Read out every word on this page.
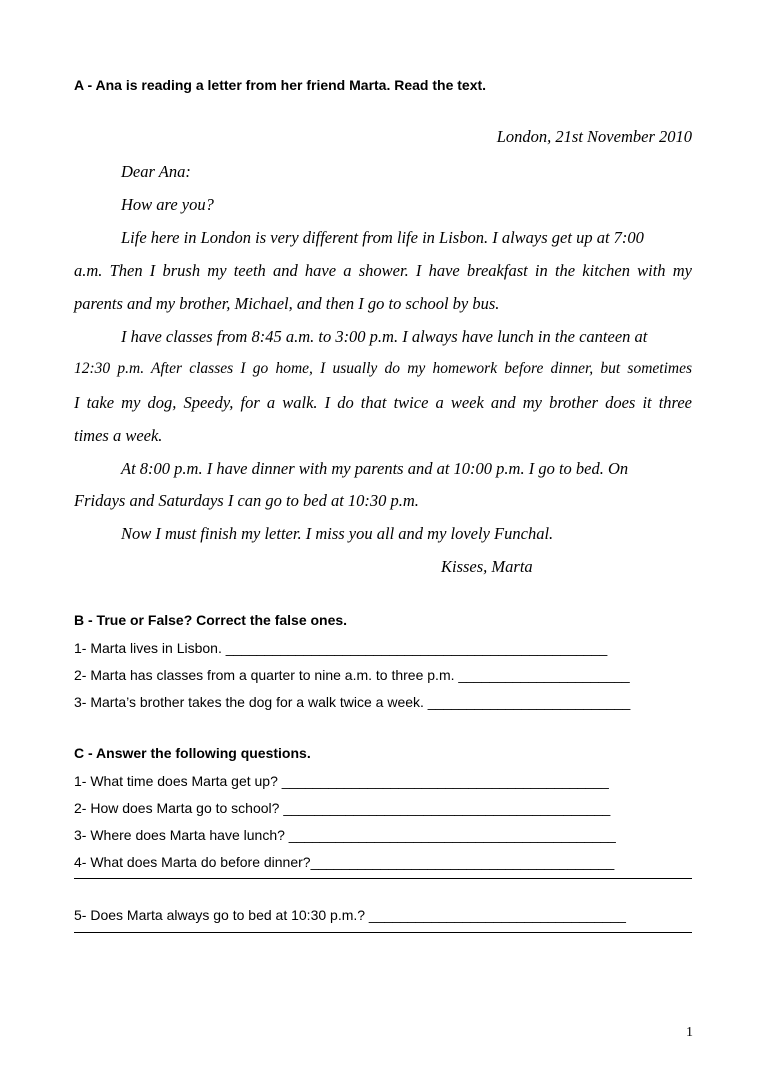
A - Ana is reading a letter from her friend Marta. Read the text.
London, 21st November 2010
Dear Ana:
How are you?
Life here in London is very different from life in Lisbon. I always get up at 7:00
a.m. Then I brush my teeth and have a shower. I have breakfast in the kitchen with my
parents and my brother, Michael, and then I go to school by bus.
I have classes from 8:45 a.m. to 3:00 p.m. I always have lunch in the canteen at
12:30 p.m. After classes I go home, I usually do my homework before dinner, but sometimes
I take my dog, Speedy, for a walk. I do that twice a week and my brother does it three
times a week.
At 8:00 p.m. I have dinner with my parents and at 10:00 p.m. I go to bed. On
Fridays and Saturdays I can go to bed at 10:30 p.m.
Now I must finish my letter. I miss you all and my lovely Funchal.
Kisses, Marta
B - True or False? Correct the false ones.
1- Marta lives in Lisbon. _________________________________________________
2- Marta has classes from a quarter to nine a.m. to three p.m. ______________________
3- Marta’s brother takes the dog for a walk twice a week. __________________________
C - Answer the following questions.
1- What time does Marta get up? __________________________________________
2- How does Marta go to school? __________________________________________
3- Where does Marta have lunch? __________________________________________
4- What does Marta do before dinner?_______________________________________
5- Does Marta always go to bed at 10:30 p.m.? _________________________________
1
